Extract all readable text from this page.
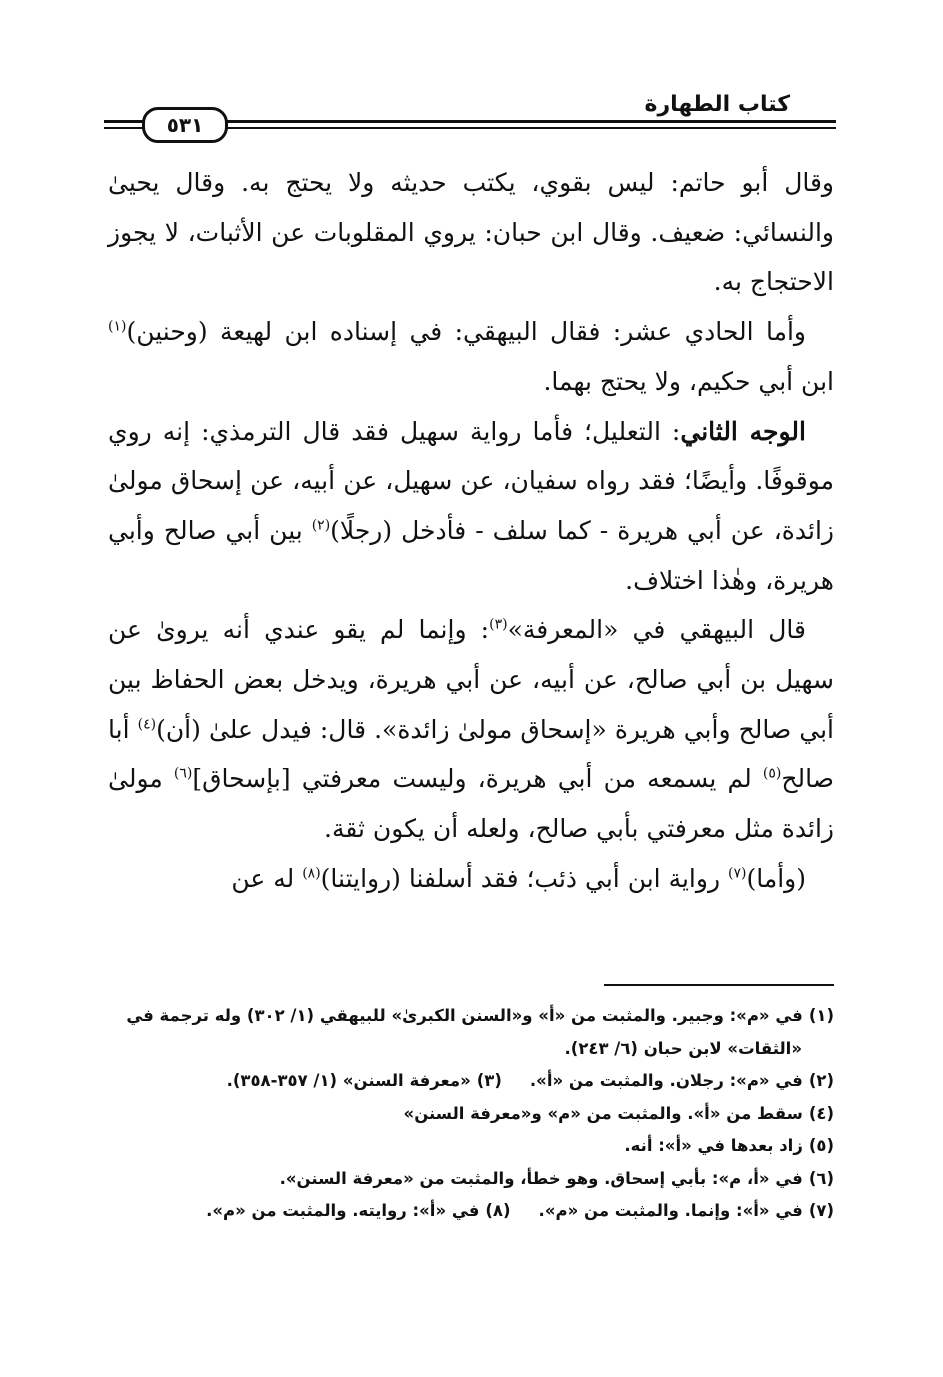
كتاب الطهارة
٥٣١

وقال أبو حاتم: ليس بقوي، يكتب حديثه ولا يحتج به. وقال يحيىٰ والنسائي: ضعيف. وقال ابن حبان: يروي المقلوبات عن الأثبات، لا يجوز الاحتجاج به.

وأما الحادي عشر: فقال البيهقي: في إسناده ابن لهيعة (وحنين)$^{(١)}$ ابن أبي حكيم، ولا يحتج بهما.

الوجه الثاني: التعليل؛ فأما رواية سهيل فقد قال الترمذي: إنه روي موقوفًا. وأيضًا؛ فقد رواه سفيان، عن سهيل، عن أبيه، عن إسحاق مولىٰ زائدة، عن أبي هريرة - كما سلف - فأدخل (رجلًا)$^{(٢)}$ بين أبي صالح وأبي هريرة، وهٰذا اختلاف.

قال البيهقي في «المعرفة»$^{(٣)}$: وإنما لم يقو عندي أنه يرویٰ عن سهيل بن أبي صالح، عن أبيه، عن أبي هريرة، ويدخل بعض الحفاظ بين أبي صالح وأبي هريرة «إسحاق مولىٰ زائدة». قال: فيدل علىٰ (أن)$^{(٤)}$ أبا صالح$^{(٥)}$ لم يسمعه من أبي هريرة، وليست معرفتي [بإسحاق]$^{(٦)}$ مولىٰ زائدة مثل معرفتي بأبي صالح، ولعله أن يكون ثقة.

(وأما)$^{(٧)}$ رواية ابن أبي ذئب؛ فقد أسلفنا (روايتنا)$^{(٨)}$ له عن

(١)في «م»: وجبير. والمثبت من «أ» و«السنن الكبرىٰ» للبيهقي (١/ ٣٠٢) وله ترجمة في

«الثقات» لابن حبان (٦/ ٢٤٣).

(٢)في «م»: رجلان. والمثبت من «أ».(٣)«معرفة السنن» (١/ ٣٥٧-٣٥٨).

(٤)سقط من «أ». والمثبت من «م» و«معرفة السنن»

(٥)زاد بعدها في «أ»: أنه.

(٦)في «أ، م»: بأبي إسحاق. وهو خطأ، والمثبت من «معرفة السنن».

(٧)في «أ»: وإنما. والمثبت من «م».(٨)في «أ»: روايته. والمثبت من «م».
